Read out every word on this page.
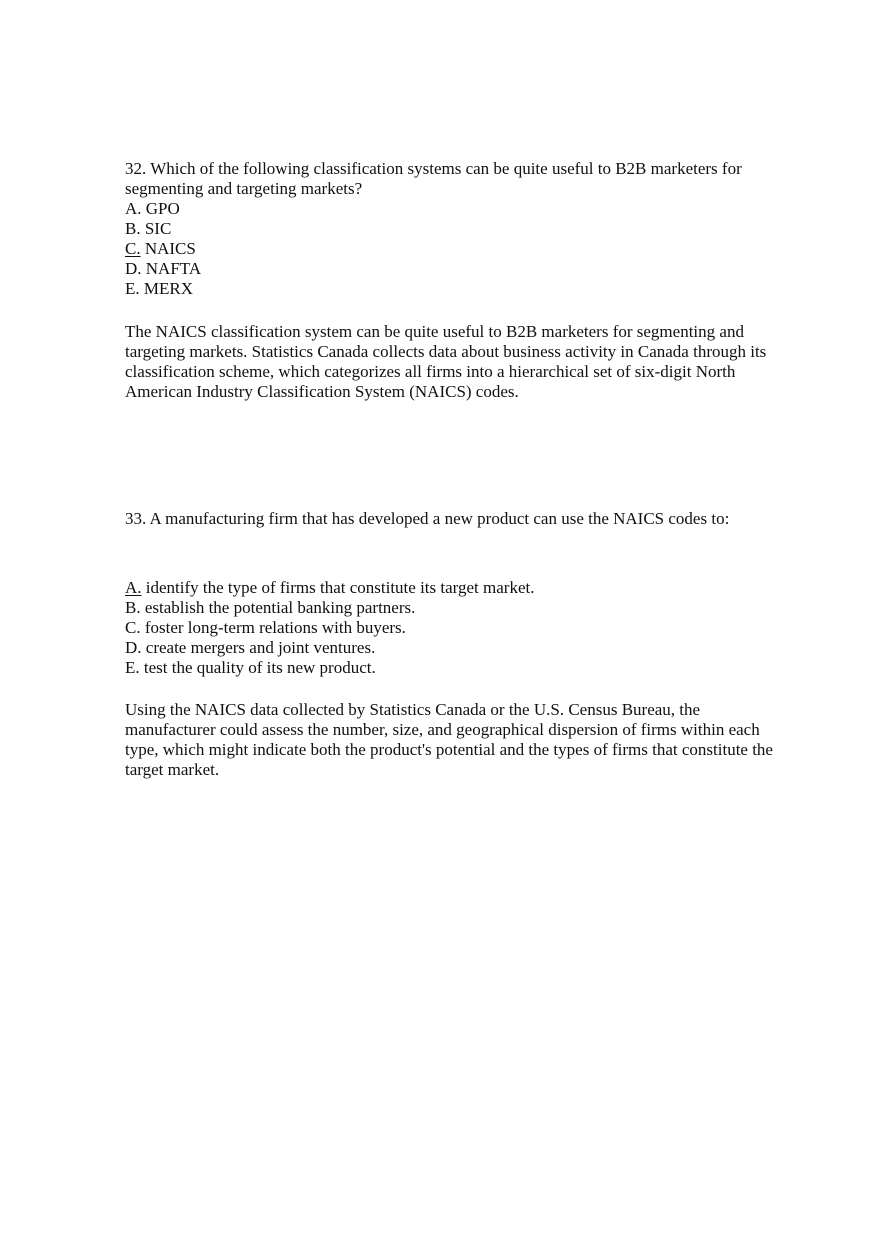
32. Which of the following classification systems can be quite useful to B2B marketers for
segmenting and targeting markets?
A. GPO
B. SIC
C. NAICS
D. NAFTA
E. MERX
The NAICS classification system can be quite useful to B2B marketers for segmenting and targeting markets. Statistics Canada collects data about business activity in Canada through its classification scheme, which categorizes all firms into a hierarchical set of six-digit North American Industry Classification System (NAICS) codes.
33. A manufacturing firm that has developed a new product can use the NAICS codes to:
A. identify the type of firms that constitute its target market.
B. establish the potential banking partners.
C. foster long-term relations with buyers.
D. create mergers and joint ventures.
E. test the quality of its new product.
Using the NAICS data collected by Statistics Canada or the U.S. Census Bureau, the manufacturer could assess the number, size, and geographical dispersion of firms within each type, which might indicate both the product's potential and the types of firms that constitute the target market.
